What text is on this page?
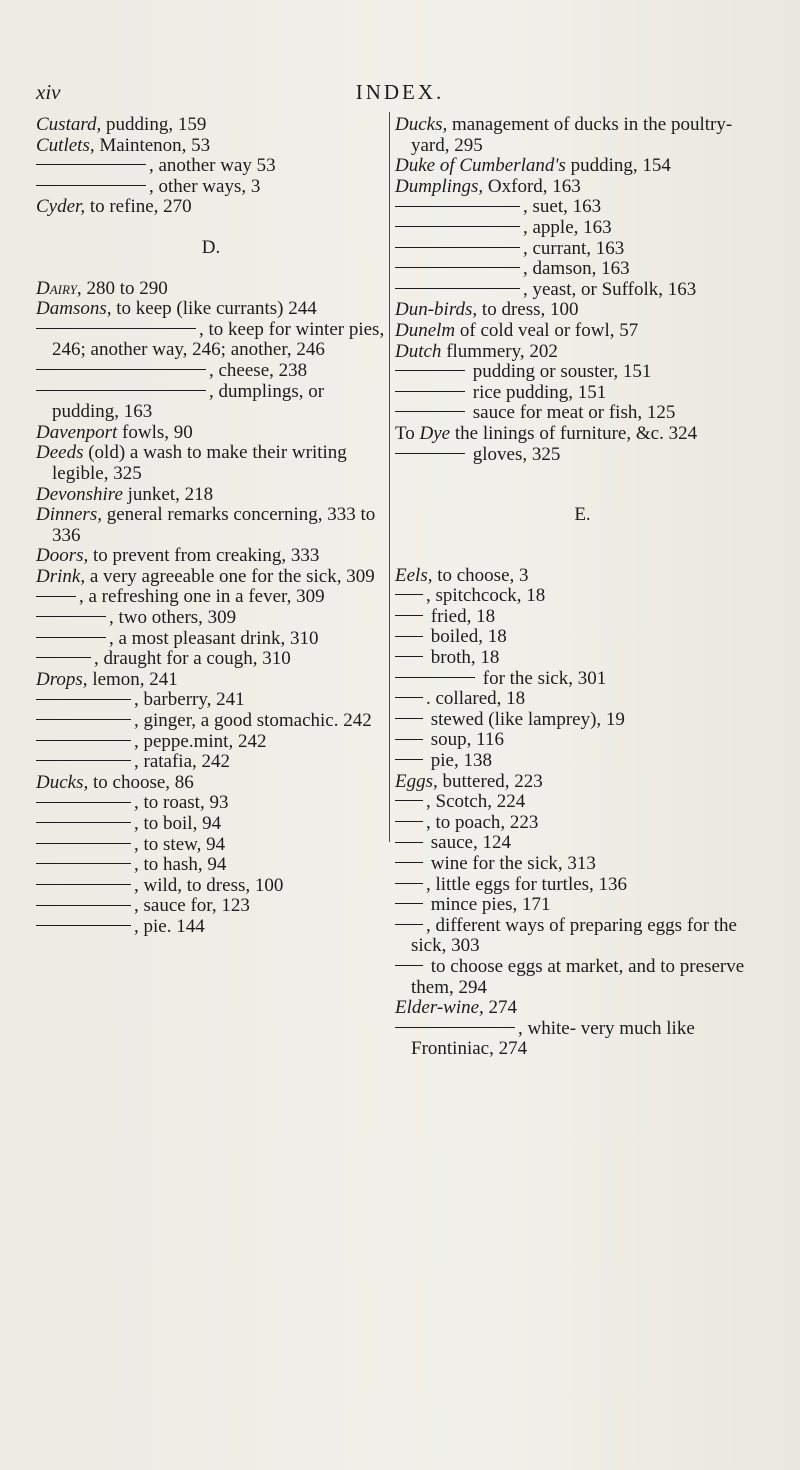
xiv	INDEX.
Custard, pudding, 159
Cutlets, Maintenon, 53
, another way 53
, other ways, 3
Cyder, to refine, 270
D.
Dairy, 280 to 290
Damsons, to keep (like currants) 244
, to keep for winter pies, 246; another way, 246; another, 246
, cheese, 238
, dumplings, or pudding, 163
Davenport fowls, 90
Deeds (old) a wash to make their writing legible, 325
Devonshire junket, 218
Dinners, general remarks concerning, 333 to 336
Doors, to prevent from creaking, 333
Drink, a very agreeable one for the sick, 309
, a refreshing one in a fever, 309
, two others, 309
, a most pleasant drink, 310
, draught for a cough, 310
Drops, lemon, 241
, barberry, 241
, ginger, a good stomachic. 242
, peppe.mint, 242
, ratafia, 242
Ducks, to choose, 86
, to roast, 93
, to boil, 94
, to stew, 94
, to hash, 94
, wild, to dress, 100
, sauce for, 123
, pie. 144
Ducks, management of ducks in the poultry-yard, 295
Duke of Cumberland's pudding, 154
Dumplings, Oxford, 163
, suet, 163
, apple, 163
, currant, 163
, damson, 163
, yeast, or Suffolk, 163
Dun-birds, to dress, 100
Dunelm of cold veal or fowl, 57
Dutch flummery, 202
pudding or souster, 151
rice pudding, 151
sauce for meat or fish, 125
To Dye the linings of furniture, &c. 324
gloves, 325
E.
Eels, to choose, 3
, spitchcock, 18
fried, 18
boiled, 18
broth, 18
for the sick, 301
. collared, 18
stewed (like lamprey), 19
soup, 116
pie, 138
Eggs, buttered, 223
, Scotch, 224
, to poach, 223
sauce, 124
wine for the sick, 313
, little eggs for turtles, 136
mince pies, 171
, different ways of preparing eggs for the sick, 303
to choose eggs at market, and to preserve them, 294
Elder-wine, 274
, white- very much like Frontiniac, 274
